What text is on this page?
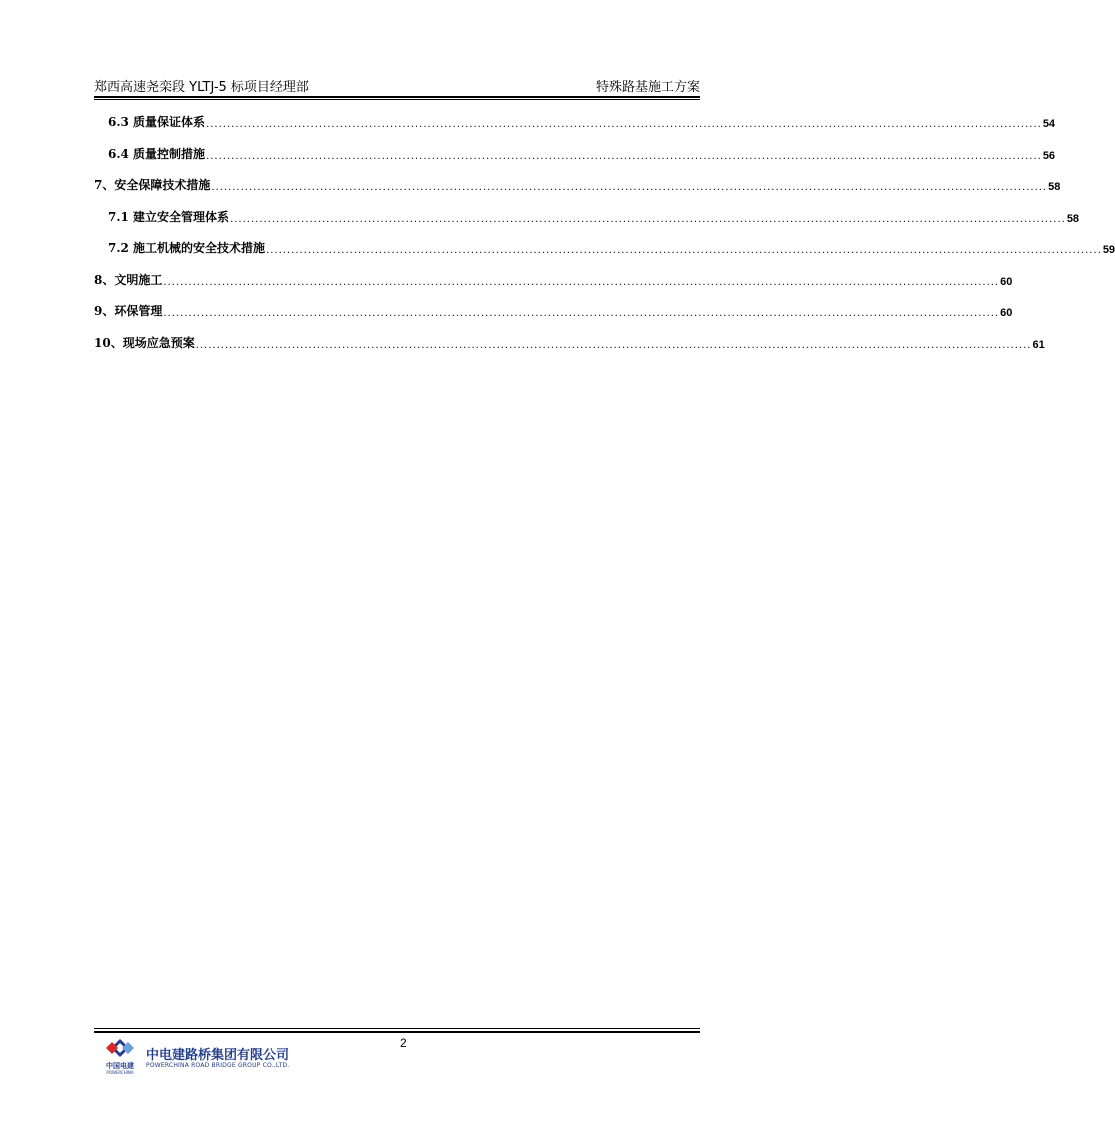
郑西高速尧栾段 YLTJ-5 标项目经理部	特殊路基施工方案
6.3 质量保证体系 ........................................................................................................................................................................................................ 54
6.4 质量控制措施 ........................................................................................................................................................................................................ 56
7、安全保障技术措施 ........................................................................................................................................................................................................ 58
7.1 建立安全管理体系 ........................................................................................................................................................................................................ 58
7.2 施工机械的安全技术措施 ........................................................................................................................................................................................................ 59
8、文明施工 ........................................................................................................................................................................................................ 60
9、环保管理 ........................................................................................................................................................................................................ 60
10、现场应急预案 ........................................................................................................................................................................................................ 61
2
中国电建
POWERCHINA
中电建路桥集团有限公司
POWERCHINA ROAD BRIDGE GROUP CO.,LTD.
